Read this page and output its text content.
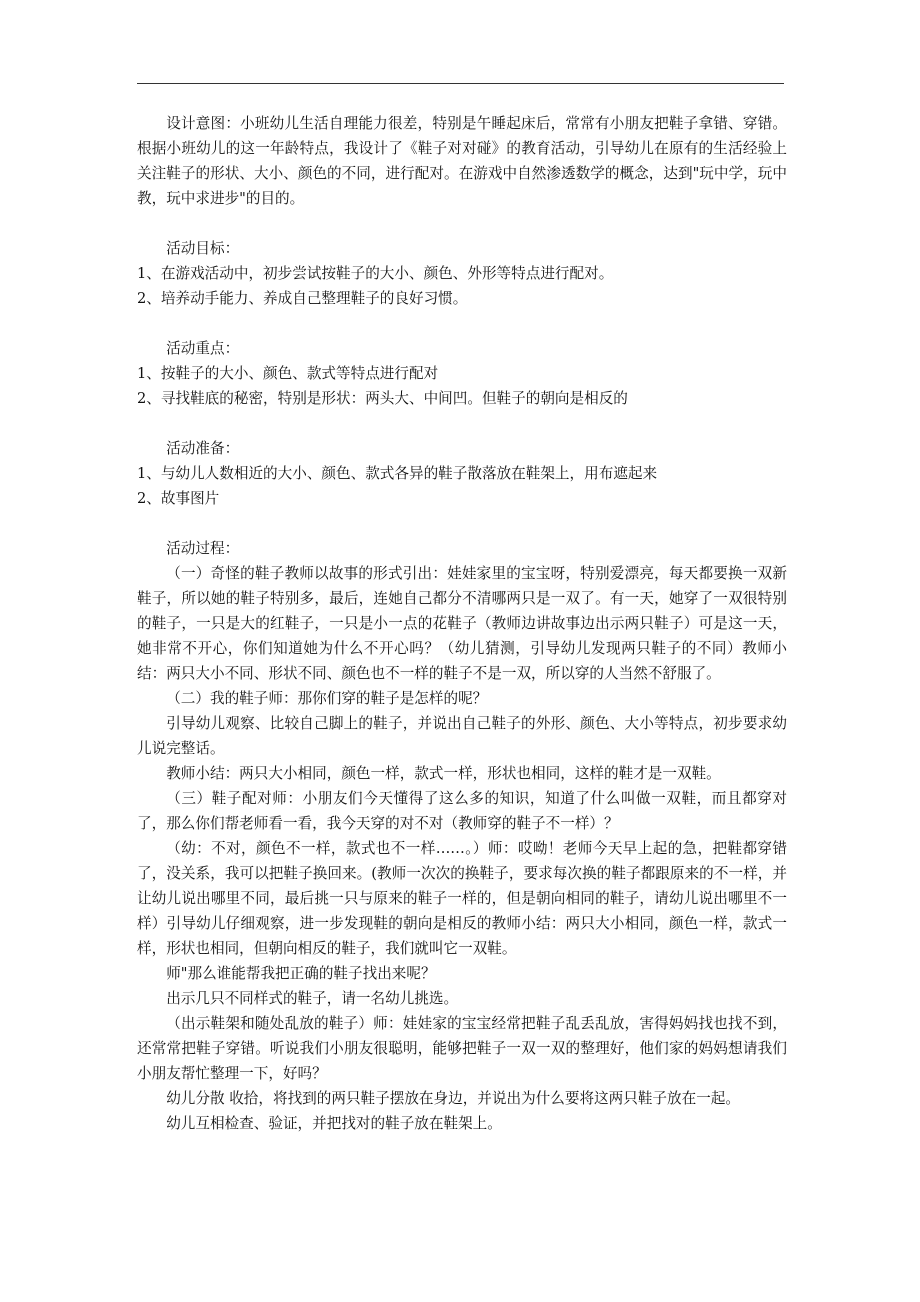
设计意图：小班幼儿生活自理能力很差，特别是午睡起床后，常常有小朋友把鞋子拿错、穿错。根据小班幼儿的这一年龄特点，我设计了《鞋子对对碰》的教育活动，引导幼儿在原有的生活经验上关注鞋子的形状、大小、颜色的不同，进行配对。在游戏中自然渗透数学的概念，达到"玩中学，玩中教，玩中求进步"的目的。

活动目标：

1、在游戏活动中，初步尝试按鞋子的大小、颜色、外形等特点进行配对。

2、培养动手能力、养成自己整理鞋子的良好习惯。

活动重点：

1、按鞋子的大小、颜色、款式等特点进行配对

2、寻找鞋底的秘密，特别是形状：两头大、中间凹。但鞋子的朝向是相反的

活动准备：

1、与幼儿人数相近的大小、颜色、款式各异的鞋子散落放在鞋架上，用布遮起来

2、故事图片

活动过程：

（一）奇怪的鞋子教师以故事的形式引出：娃娃家里的宝宝呀，特别爱漂亮，每天都要换一双新鞋子，所以她的鞋子特别多，最后，连她自己都分不清哪两只是一双了。有一天，她穿了一双很特别的鞋子，一只是大的红鞋子，一只是小一点的花鞋子（教师边讲故事边出示两只鞋子）可是这一天，她非常不开心，你们知道她为什么不开心吗？（幼儿猜测，引导幼儿发现两只鞋子的不同）教师小结：两只大小不同、形状不同、颜色也不一样的鞋子不是一双，所以穿的人当然不舒服了。

（二）我的鞋子师：那你们穿的鞋子是怎样的呢？

引导幼儿观察、比较自己脚上的鞋子，并说出自己鞋子的外形、颜色、大小等特点，初步要求幼儿说完整话。

教师小结：两只大小相同，颜色一样，款式一样，形状也相同，这样的鞋才是一双鞋。

（三）鞋子配对师：小朋友们今天懂得了这么多的知识，知道了什么叫做一双鞋，而且都穿对了，那么你们帮老师看一看，我今天穿的对不对（教师穿的鞋子不一样）？

（幼：不对，颜色不一样，款式也不一样……。）师：哎呦！老师今天早上起的急，把鞋都穿错了，没关系，我可以把鞋子换回来。(教师一次次的换鞋子，要求每次换的鞋子都跟原来的不一样，并让幼儿说出哪里不同，最后挑一只与原来的鞋子一样的，但是朝向相同的鞋子，请幼儿说出哪里不一样）引导幼儿仔细观察，进一步发现鞋的朝向是相反的教师小结：两只大小相同，颜色一样，款式一样，形状也相同，但朝向相反的鞋子，我们就叫它一双鞋。

师"那么谁能帮我把正确的鞋子找出来呢？

出示几只不同样式的鞋子，请一名幼儿挑选。

（出示鞋架和随处乱放的鞋子）师：娃娃家的宝宝经常把鞋子乱丢乱放，害得妈妈找也找不到，还常常把鞋子穿错。听说我们小朋友很聪明，能够把鞋子一双一双的整理好，他们家的妈妈想请我们小朋友帮忙整理一下，好吗？

幼儿分散 收拾，将找到的两只鞋子摆放在身边，并说出为什么要将这两只鞋子放在一起。

幼儿互相检查、验证，并把找对的鞋子放在鞋架上。
